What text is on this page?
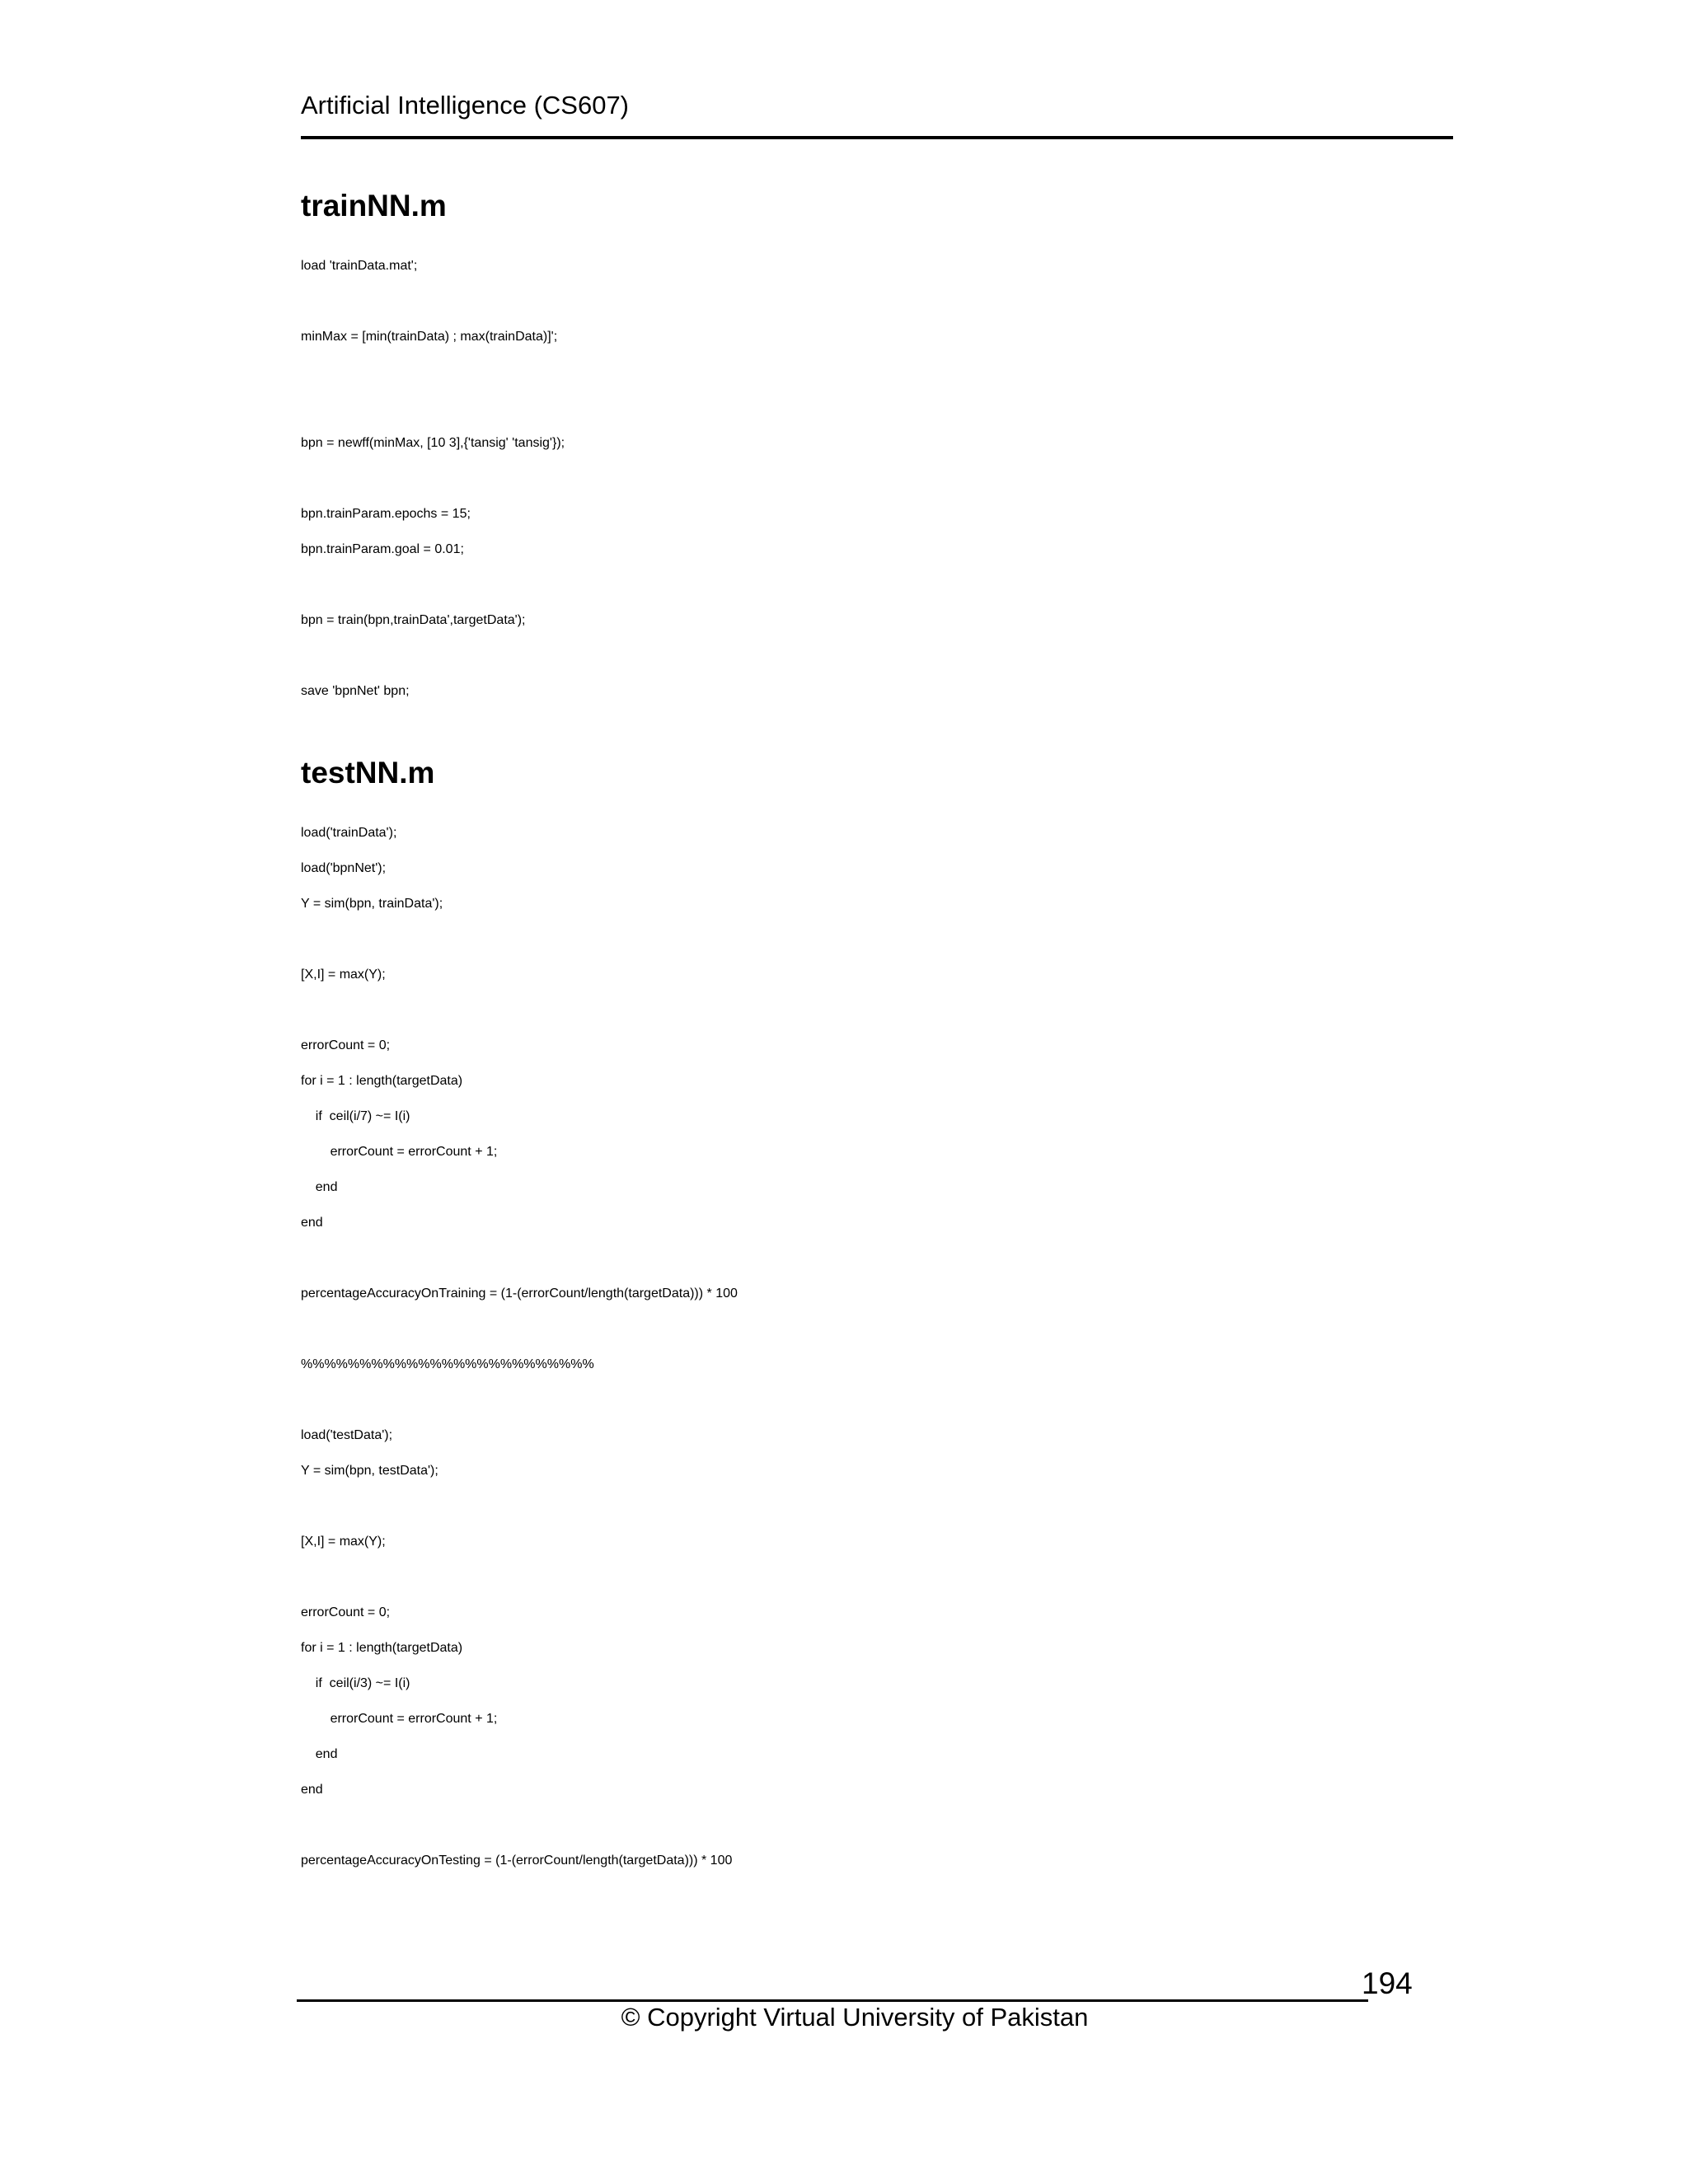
Artificial Intelligence (CS607)
trainNN.m
load 'trainData.mat';
minMax = [min(trainData) ; max(trainData)]';
bpn = newff(minMax, [10 3],{'tansig' 'tansig'});
bpn.trainParam.epochs = 15;
bpn.trainParam.goal = 0.01;
bpn = train(bpn,trainData',targetData');
save 'bpnNet' bpn;
testNN.m
load('trainData');
load('bpnNet');
Y = sim(bpn, trainData');
[X,I] = max(Y);
errorCount = 0;
for i = 1 : length(targetData)
if  ceil(i/7) ~= I(i)
errorCount = errorCount + 1;
end
end
percentageAccuracyOnTraining = (1-(errorCount/length(targetData))) * 100
%%%%%%%%%%%%%%%%%%%%%%%%%
load('testData');
Y = sim(bpn, testData');
[X,I] = max(Y);
errorCount = 0;
for i = 1 : length(targetData)
if  ceil(i/3) ~= I(i)
errorCount = errorCount + 1;
end
end
percentageAccuracyOnTesting = (1-(errorCount/length(targetData))) * 100
194
© Copyright Virtual University of Pakistan
